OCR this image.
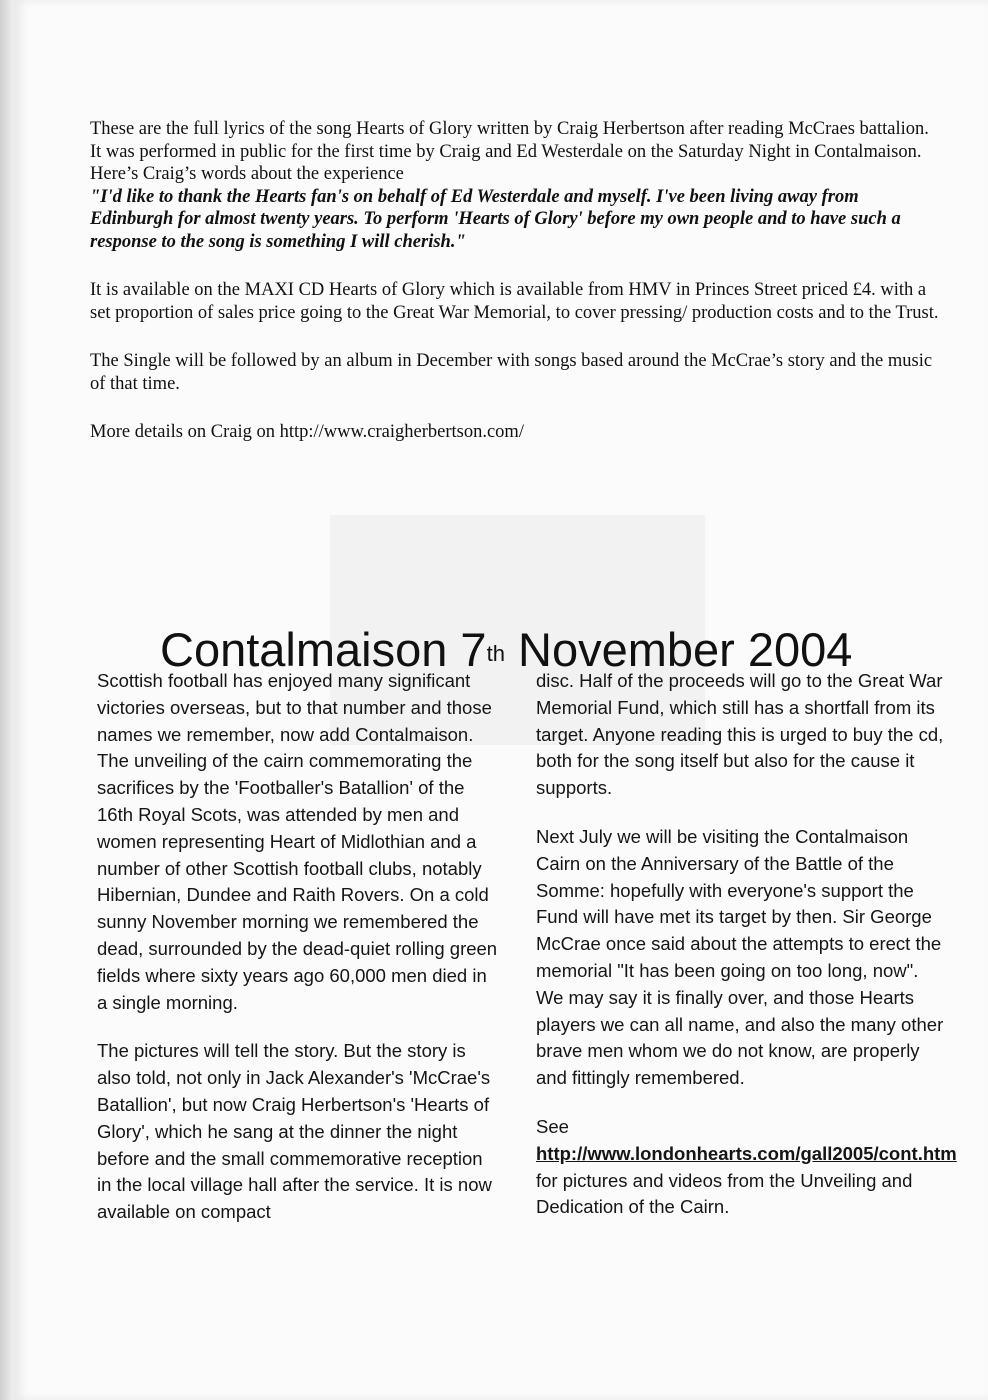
These are the full lyrics of the song Hearts of Glory written by Craig Herbertson after reading McCraes battalion. It was performed in public for the first time by Craig and Ed Westerdale on the Saturday Night in Contalmaison. Here’s Craig’s words about the experience

"I'd like to thank the Hearts fan's on behalf of Ed Westerdale and myself. I've been living away from Edinburgh for almost twenty years. To perform 'Hearts of Glory' before my own people and to have such a response to the song is something I will cherish."

It is available on the MAXI CD Hearts of Glory which is available from HMV in Princes Street priced £4. with a set proportion of sales price going to the Great War Memorial, to cover pressing/ production costs and to the Trust.

The Single will be followed by an album in December with songs based around the McCrae’s story and the music of that time.

More details on Craig on http://www.craigherbertson.com/

Contalmaison 7th November 2004

Scottish football has enjoyed many significant victories overseas, but to that number and those names we remember, now add Contalmaison. The unveiling of the cairn commemorating the sacrifices by the 'Footballer's Batallion' of the 16th Royal Scots, was attended by men and women representing Heart of Midlothian and a number of other Scottish football clubs, notably Hibernian, Dundee and Raith Rovers. On a cold sunny November morning we remembered the dead, surrounded by the dead-quiet rolling green fields where sixty years ago 60,000 men died in a single morning.

The pictures will tell the story. But the story is also told, not only in Jack Alexander's 'McCrae's Batallion', but now Craig Herbertson's 'Hearts of Glory', which he sang at the dinner the night before and the small commemorative reception in the local village hall after the service. It is now available on compact

disc. Half of the proceeds will go to the Great War Memorial Fund, which still has a shortfall from its target. Anyone reading this is urged to buy the cd, both for the song itself but also for the cause it supports.

Next July we will be visiting the Contalmaison Cairn on the Anniversary of the Battle of the Somme: hopefully with everyone's support the Fund will have met its target by then. Sir George McCrae once said about the attempts to erect the memorial "It has been going on too long, now". We may say it is finally over, and those Hearts players we can all name, and also the many other brave men whom we do not know, are properly and fittingly remembered.

See
http://www.londonhearts.com/gall2005/cont.htm for pictures and videos from the Unveiling and Dedication of the Cairn.
